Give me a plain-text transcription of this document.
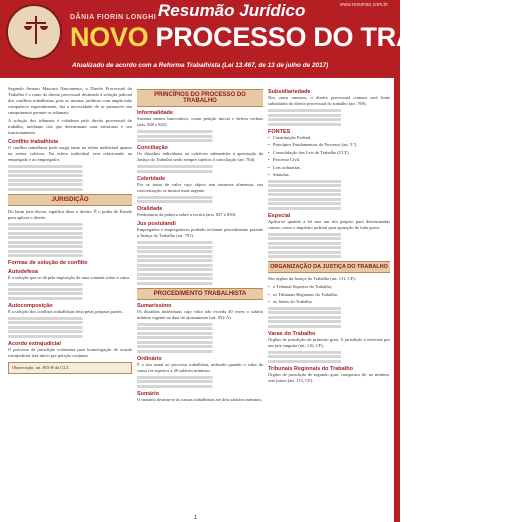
www.resumao.com.br
Resumão Jurídico
DÂNIA FIORIN LONGHI
NOVO PROCESSO DO TRABALHO
Atualizado de acordo com a Reforma Trabalhista (Lei 13.467, de 13 de julho de 2017)
Segundo Amauri Mascaro Nascimento, o Direito Processual do Trabalho é o ramo do direito processual destinado à solução judicial dos conflitos trabalhistas, pois os normas jurídicas com ampla mão compulsiva especialmente, dai a necessidade de se promover seu cumprimento perante os tribunais.
A solução dos tribunais é coletânea pelo direito processual do trabalho, mediante tais que determinam suas estruturas e seu funcionamento.
Conflito trabalhista
O conflito trabalhista pode surgir tanto na esfera individual quanto na esfera coletiva. Na esfera individual será relacionado ao empregado e ao empregador.
JURISDIÇÃO
Do latim juris dicere, significa dizer o direito. É o poder do Estado para aplicar o direito.
Formas de solução de conflito
Autodefesa
É a solução que se dá pela imposição de uma vontade sobre a outra.
Autocomposição
É a solução dos conflitos trabalhistas feita pelas próprias partes.
Acordo extrajudicial
O processo de jurisdição voluntária para homologação de acordo extrajudicial terá início por petição conjunta.
Observação: art. 855-B da CLT.
PRINCÍPIOS DO PROCESSO DO TRABALHO
Informalidade
Sistema menos burocrático, como petição inicial e defesa verbais (arts. 840 e 843).
Conciliação
Os dissídios individuais ou coletivos submetidos à apreciação da Justiça do Trabalho serão sempre sujeitos à conciliação (art. 764).
Celeridade
Por se tratar de valor cujo objeto tem natureza alimentar, sua concretização se mostra mais urgente.
Oralidade
Predomínio da palavra sobre a escrita (arts. 847 e 850).
Jus postulandi
Empregados e empregadores poderão reclamar pessoalmente perante a Justiça do Trabalho (art. 791).
PROCEDIMENTO TRABALHISTA
Sumaríssimo
Os dissídios individuais cujo valor não exceda 40 vezes o salário mínimo vigente na data do ajuizamento (art. 852-A).
Ordinário
É o rito usual no processo trabalhista, utilizado quando o valor da causa for superior a 40 salários mínimos.
Sumário
O sumário destina-se às causas trabalhistas até dois salários mínimos.
Subsidiariedade
Nos casos omissos, o direito processual comum será fonte subsidiária do direito processual do trabalho (art. 769).
FONTES
• Constituição Federal.
• Princípios Fundamentais do Processo (art. 5.º).
• Consolidação das Leis do Trabalho (CLT).
• Processo Civil.
• Leis ordinárias.
• Súmulas.
Especial
Aplica-se quando a lei traz um rito próprio para determinadas causas, como o inquérito judicial para apuração de falta grave.
ORGANIZAÇÃO DA JUSTIÇA DO TRABALHO
São órgãos da Justiça do Trabalho (art. 111, CF):
• o Tribunal Superior do Trabalho;
• os Tribunais Regionais do Trabalho;
• os Juízes do Trabalho.
Varas do Trabalho
Órgãos de jurisdição de primeiro grau. A jurisdição é exercida por um juiz singular (art. 116, CF).
Tribunais Regionais do Trabalho
Órgãos de jurisdição de segundo grau, compostos de, no mínimo, sete juízes (art. 115, CF).
1
